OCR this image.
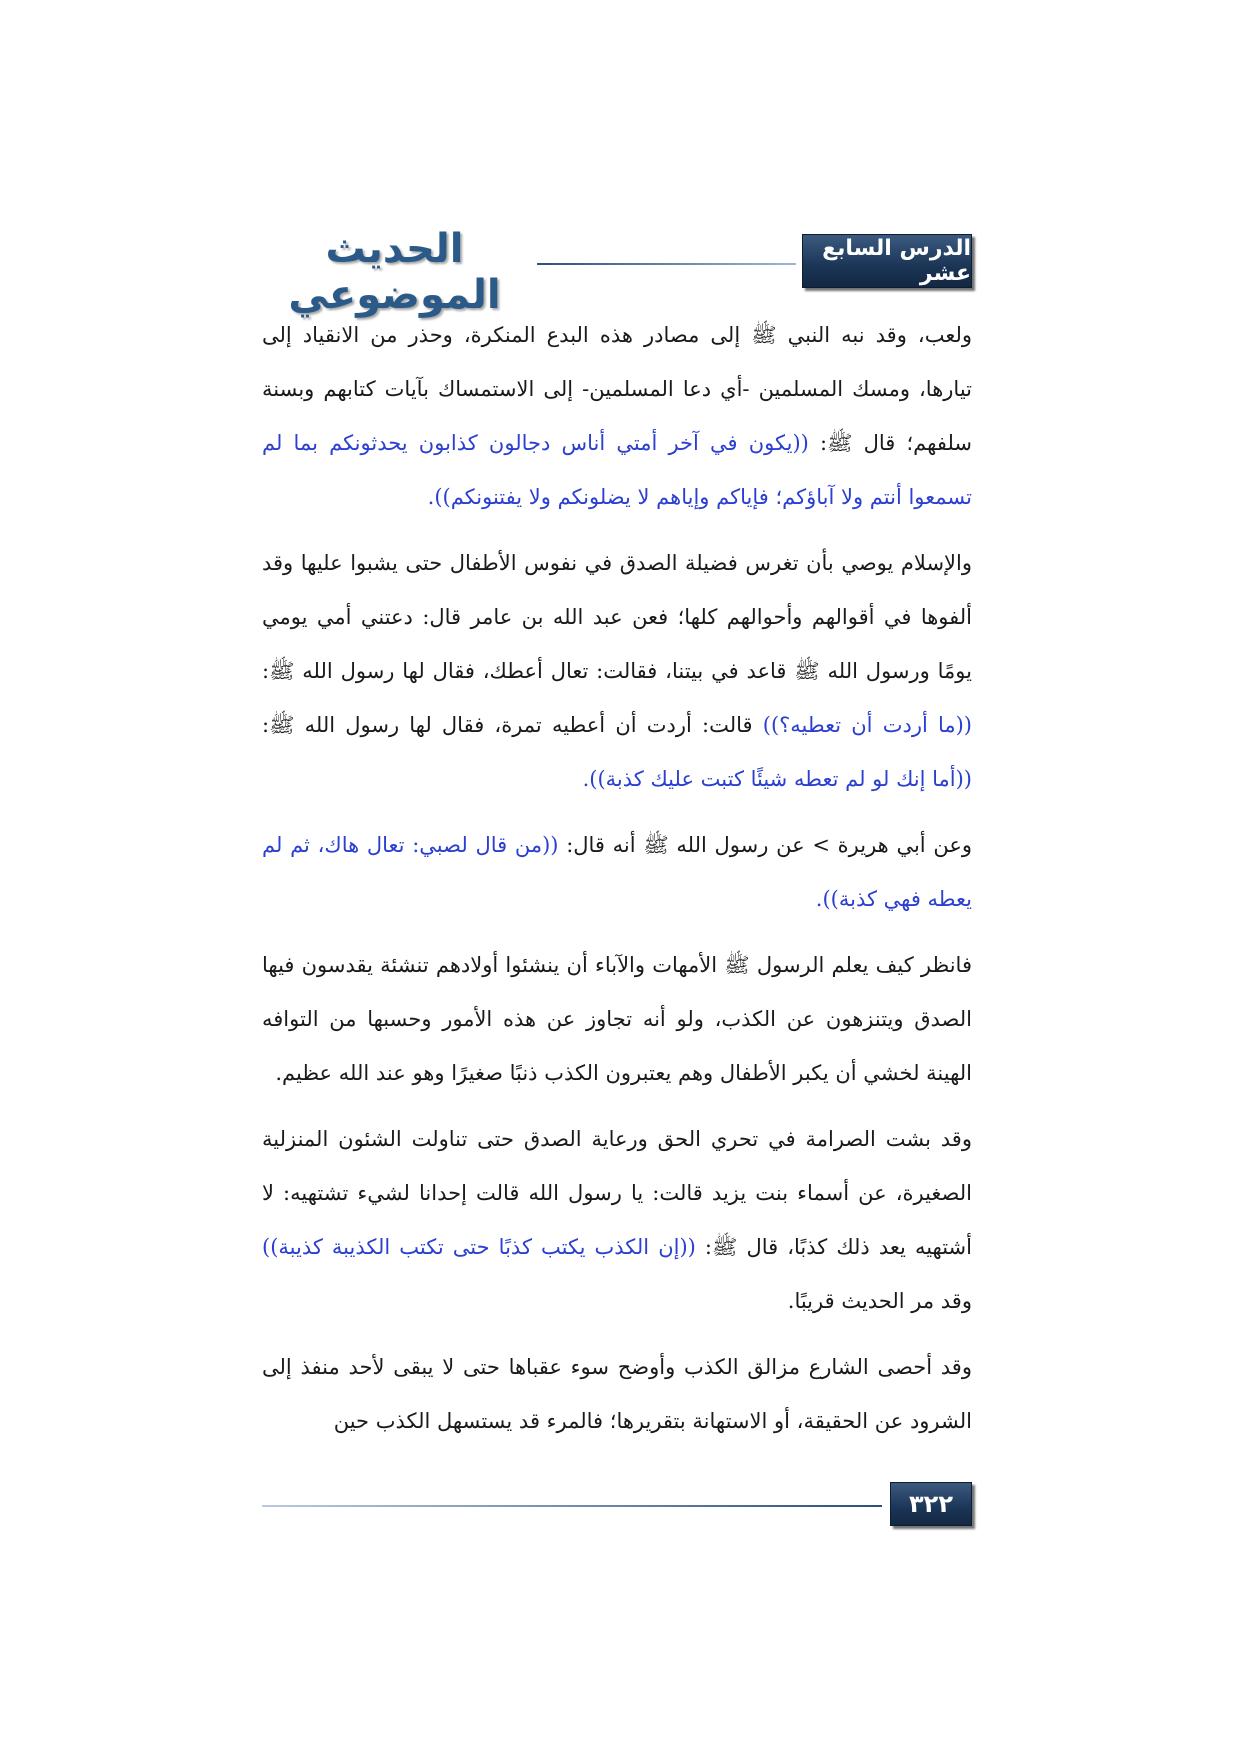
الدرس السابع عشر
الحديث الموضوعي

ولعب، وقد نبه النبي ﷺ إلى مصادر هذه البدع المنكرة، وحذر من الانقياد إلى تيارها، ومسك المسلمين -أي دعا المسلمين- إلى الاستمساك بآيات كتابهم وبسنة سلفهم؛ قال ﷺ: ((يكون في آخر أمتي أناس دجالون كذابون يحدثونكم بما لم تسمعوا أنتم ولا آباؤكم؛ فإياكم وإياهم لا يضلونكم ولا يفتنونكم)).

والإسلام يوصي بأن تغرس فضيلة الصدق في نفوس الأطفال حتى يشبوا عليها وقد ألفوها في أقوالهم وأحوالهم كلها؛ فعن عبد الله بن عامر قال: دعتني أمي يومي يومًا ورسول الله ﷺ قاعد في بيتنا، فقالت: تعال أعطك، فقال لها رسول الله ﷺ: ((ما أردت أن تعطيه؟)) قالت: أردت أن أعطيه تمرة، فقال لها رسول الله ﷺ: ((أما إنك لو لم تعطه شيئًا كتبت عليك كذبة)).

وعن أبي هريرة > عن رسول الله ﷺ أنه قال: ((من قال لصبي: تعال هاك، ثم لم يعطه فهي كذبة)).

فانظر كيف يعلم الرسول ﷺ الأمهات والآباء أن ينشئوا أولادهم تنشئة يقدسون فيها الصدق ويتنزهون عن الكذب، ولو أنه تجاوز عن هذه الأمور وحسبها من التوافه الهينة لخشي أن يكبر الأطفال وهم يعتبرون الكذب ذنبًا صغيرًا وهو عند الله عظيم.

وقد بشت الصرامة في تحري الحق ورعاية الصدق حتى تناولت الشئون المنزلية الصغيرة، عن أسماء بنت يزيد قالت: يا رسول الله قالت إحدانا لشيء تشتهيه: لا أشتهيه يعد ذلك كذبًا، قال ﷺ: ((إن الكذب يكتب كذبًا حتى تكتب الكذيبة كذيبة)) وقد مر الحديث قريبًا.

وقد أحصى الشارع مزالق الكذب وأوضح سوء عقباها حتى لا يبقى لأحد منفذ إلى الشرود عن الحقيقة، أو الاستهانة بتقريرها؛ فالمرء قد يستسهل الكذب حين

٣٢٢
